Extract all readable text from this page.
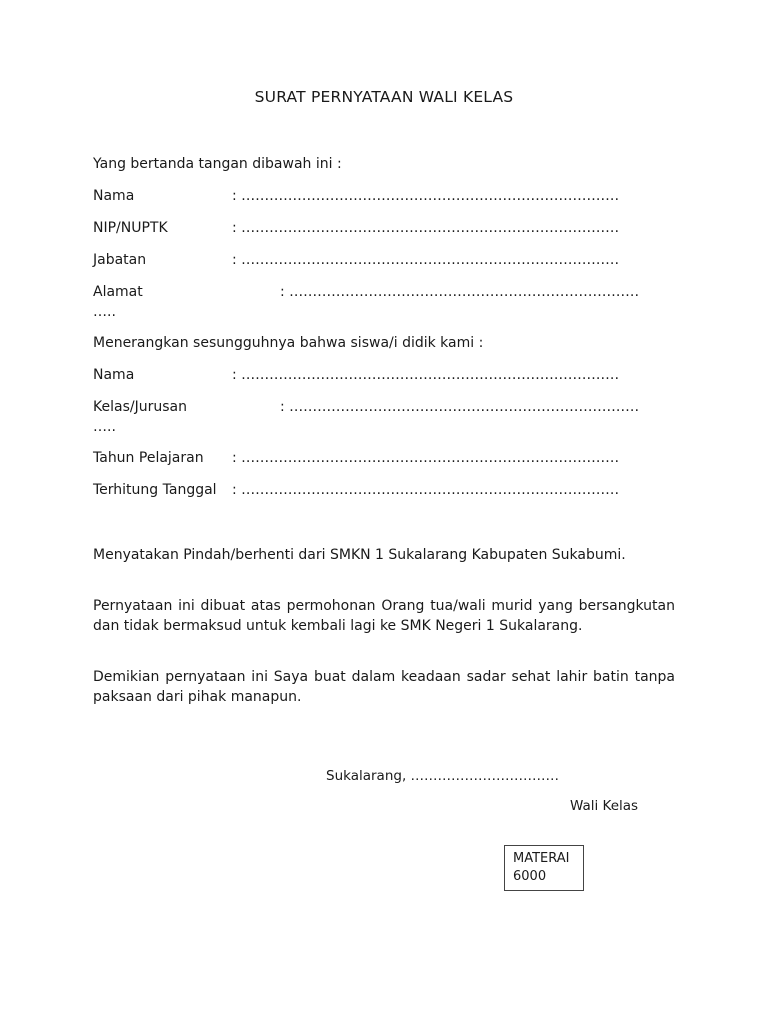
SURAT PERNYATAAN WALI KELAS
Yang bertanda tangan dibawah ini :
Nama	: ………………………………………………………………………
NIP/NUPTK	: ………………………………………………………………………
Jabatan	: ………………………………………………………………………
Alamat	: …………………………………………………………………
…..
Menerangkan sesungguhnya bahwa siswa/i didik kami :
Nama	: ………………………………………………………………………
Kelas/Jurusan	: …………………………………………………………………
…..
Tahun Pelajaran : ………………………………………………………………………
Terhitung Tanggal : ………………………………………………………………………
Menyatakan Pindah/berhenti dari SMKN 1 Sukalarang Kabupaten Sukabumi.
Pernyataan ini dibuat atas permohonan Orang tua/wali murid yang bersangkutan dan tidak bermaksud untuk kembali lagi ke SMK Negeri 1 Sukalarang.
Demikian pernyataan ini Saya buat dalam keadaan sadar sehat lahir batin tanpa paksaan dari pihak manapun.
Sukalarang, ……………………………
Wali Kelas
MATERAI
6000
